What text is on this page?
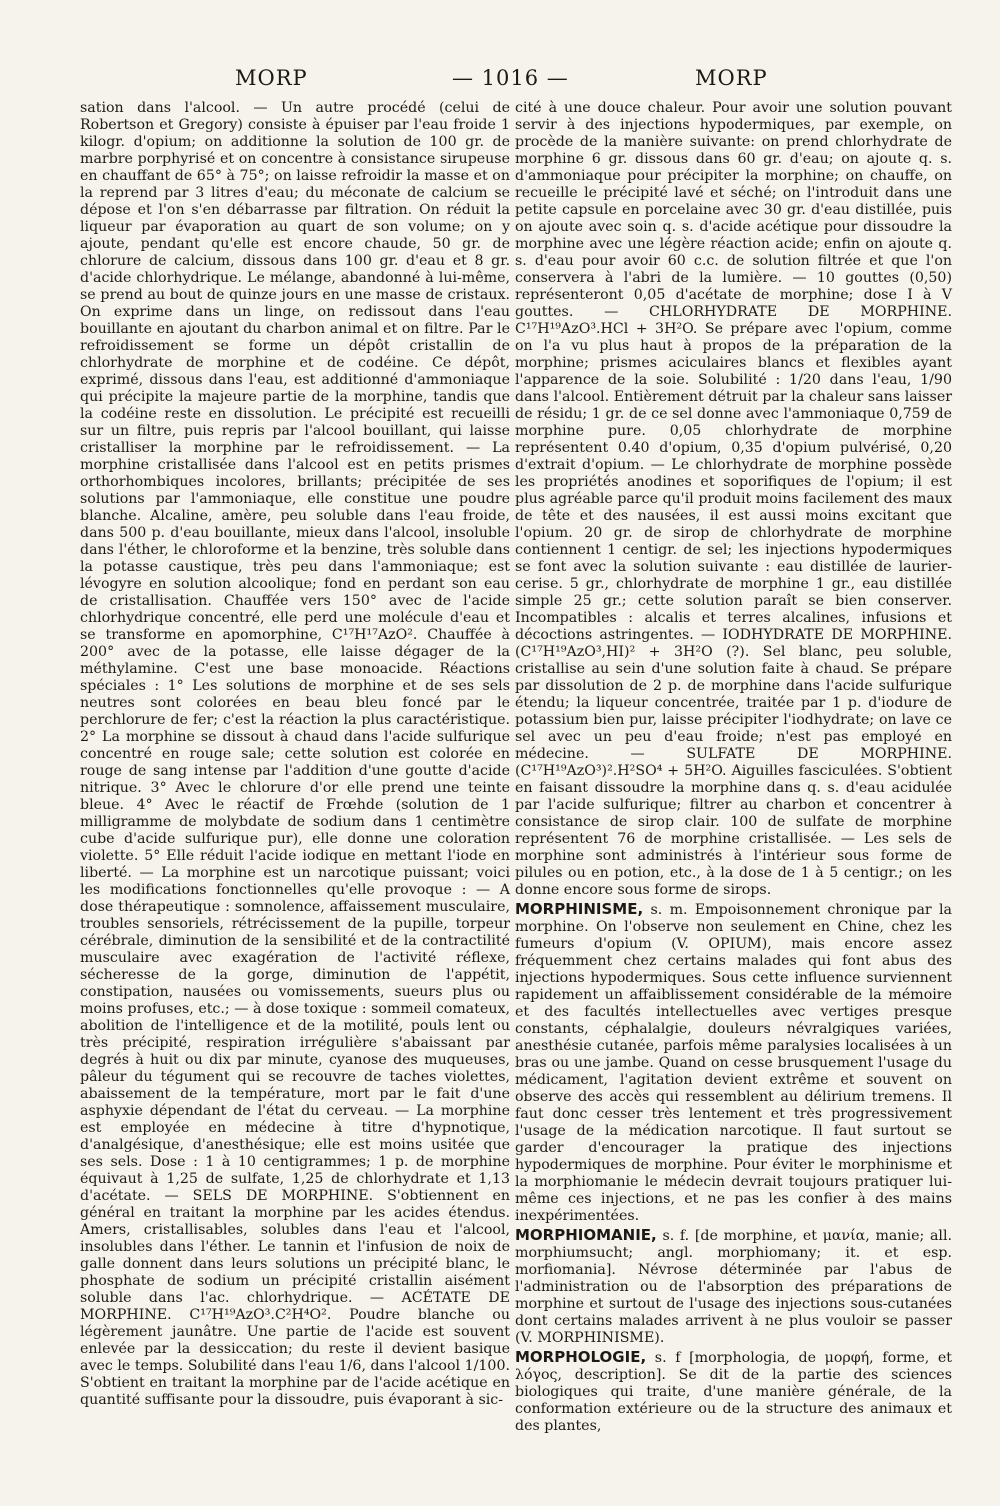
MORP	— 1016 —	MORP

sation dans l'alcool. — Un autre procédé (celui de Robertson et Gregory) consiste à épuiser par l'eau froide 1 kilogr. d'opium; on additionne la solution de 100 gr. de marbre porphyrisé et on concentre à consistance sirupeuse en chauffant de 65° à 75°; on laisse refroidir la masse et on la reprend par 3 litres d'eau; du méconate de calcium se dépose et l'on s'en débarrasse par filtration. On réduit la liqueur par évaporation au quart de son volume; on y ajoute, pendant qu'elle est encore chaude, 50 gr. de chlorure de calcium, dissous dans 100 gr. d'eau et 8 gr. d'acide chlorhydrique. Le mélange, abandonné à lui-même, se prend au bout de quinze jours en une masse de cristaux. On exprime dans un linge, on redissout dans l'eau bouillante en ajoutant du charbon animal et on filtre. Par le refroidissement se forme un dépôt cristallin de chlorhydrate de morphine et de codéine. Ce dépôt, exprimé, dissous dans l'eau, est additionné d'ammoniaque qui précipite la majeure partie de la morphine, tandis que la codéine reste en dissolution. Le précipité est recueilli sur un filtre, puis repris par l'alcool bouillant, qui laisse cristalliser la morphine par le refroidissement. — La morphine cristallisée dans l'alcool est en petits prismes orthorhombiques incolores, brillants; précipitée de ses solutions par l'ammoniaque, elle constitue une poudre blanche. Alcaline, amère, peu soluble dans l'eau froide, dans 500 p. d'eau bouillante, mieux dans l'alcool, insoluble dans l'éther, le chloroforme et la benzine, très soluble dans la potasse caustique, très peu dans l'ammoniaque; est lévogyre en solution alcoolique; fond en perdant son eau de cristallisation. Chauffée vers 150° avec de l'acide chlorhydrique concentré, elle perd une molécule d'eau et se transforme en apomorphine, C¹⁷H¹⁷AzO². Chauffée à 200° avec de la potasse, elle laisse dégager de la méthylamine. C'est une base monoacide. Réactions spéciales : 1° Les solutions de morphine et de ses sels neutres sont colorées en beau bleu foncé par le perchlorure de fer; c'est la réaction la plus caractéristique. 2° La morphine se dissout à chaud dans l'acide sulfurique concentré en rouge sale; cette solution est colorée en rouge de sang intense par l'addition d'une goutte d'acide nitrique. 3° Avec le chlorure d'or elle prend une teinte bleue. 4° Avec le réactif de Frœhde (solution de 1 milligramme de molybdate de sodium dans 1 centimètre cube d'acide sulfurique pur), elle donne une coloration violette. 5° Elle réduit l'acide iodique en mettant l'iode en liberté. — La morphine est un narcotique puissant; voici les modifications fonctionnelles qu'elle provoque : — A dose thérapeutique : somnolence, affaissement musculaire, troubles sensoriels, rétrécissement de la pupille, torpeur cérébrale, diminution de la sensibilité et de la contractilité musculaire avec exagération de l'activité réflexe, sécheresse de la gorge, diminution de l'appétit, constipation, nausées ou vomissements, sueurs plus ou moins profuses, etc.; — à dose toxique : sommeil comateux, abolition de l'intelligence et de la motilité, pouls lent ou très précipité, respiration irrégulière s'abaissant par degrés à huit ou dix par minute, cyanose des muqueuses, pâleur du tégument qui se recouvre de taches violettes, abaissement de la température, mort par le fait d'une asphyxie dépendant de l'état du cerveau. — La morphine est employée en médecine à titre d'hypnotique, d'analgésique, d'anesthésique; elle est moins usitée que ses sels. Dose : 1 à 10 centigrammes; 1 p. de morphine équivaut à 1,25 de sulfate, 1,25 de chlorhydrate et 1,13 d'acétate. — SELS DE MORPHINE. S'obtiennent en général en traitant la morphine par les acides étendus. Amers, cristallisables, solubles dans l'eau et l'alcool, insolubles dans l'éther. Le tannin et l'infusion de noix de galle donnent dans leurs solutions un précipité blanc, le phosphate de sodium un précipité cristallin aisément soluble dans l'ac. chlorhydrique. — ACÉTATE DE MORPHINE. C¹⁷H¹⁹AzO³.C²H⁴O². Poudre blanche ou légèrement jaunâtre. Une partie de l'acide est souvent enlevée par la dessiccation; du reste il devient basique avec le temps. Solubilité dans l'eau 1/6, dans l'alcool 1/100. S'obtient en traitant la morphine par de l'acide acétique en quantité suffisante pour la dissoudre, puis évaporant à sic-

cité à une douce chaleur. Pour avoir une solution pouvant servir à des injections hypodermiques, par exemple, on procède de la manière suivante: on prend chlorhydrate de morphine 6 gr. dissous dans 60 gr. d'eau; on ajoute q. s. d'ammoniaque pour précipiter la morphine; on chauffe, on recueille le précipité lavé et séché; on l'introduit dans une petite capsule en porcelaine avec 30 gr. d'eau distillée, puis on ajoute avec soin q. s. d'acide acétique pour dissoudre la morphine avec une légère réaction acide; enfin on ajoute q. s. d'eau pour avoir 60 c.c. de solution filtrée et que l'on conservera à l'abri de la lumière. — 10 gouttes (0,50) représenteront 0,05 d'acétate de morphine; dose I à V gouttes. — CHLORHYDRATE DE MORPHINE. C¹⁷H¹⁹AzO³.HCl + 3H²O. Se prépare avec l'opium, comme on l'a vu plus haut à propos de la préparation de la morphine; prismes aciculaires blancs et flexibles ayant l'apparence de la soie. Solubilité : 1/20 dans l'eau, 1/90 dans l'alcool. Entièrement détruit par la chaleur sans laisser de résidu; 1 gr. de ce sel donne avec l'ammoniaque 0,759 de morphine pure. 0,05 chlorhydrate de morphine représentent 0.40 d'opium, 0,35 d'opium pulvérisé, 0,20 d'extrait d'opium. — Le chlorhydrate de morphine possède les propriétés anodines et soporifiques de l'opium; il est plus agréable parce qu'il produit moins facilement des maux de tête et des nausées, il est aussi moins excitant que l'opium. 20 gr. de sirop de chlorhydrate de morphine contiennent 1 centigr. de sel; les injections hypodermiques se font avec la solution suivante : eau distillée de laurier-cerise. 5 gr., chlorhydrate de morphine 1 gr., eau distillée simple 25 gr.; cette solution paraît se bien conserver. Incompatibles : alcalis et terres alcalines, infusions et décoctions astringentes. — IODHYDRATE DE MORPHINE. (C¹⁷H¹⁹AzO³,HI)² + 3H²O (?). Sel blanc, peu soluble, cristallise au sein d'une solution faite à chaud. Se prépare par dissolution de 2 p. de morphine dans l'acide sulfurique étendu; la liqueur concentrée, traitée par 1 p. d'iodure de potassium bien pur, laisse précipiter l'iodhydrate; on lave ce sel avec un peu d'eau froide; n'est pas employé en médecine. — SULFATE DE MORPHINE. (C¹⁷H¹⁹AzO³)².H²SO⁴ + 5H²O. Aiguilles fasciculées. S'obtient en faisant dissoudre la morphine dans q. s. d'eau acidulée par l'acide sulfurique; filtrer au charbon et concentrer à consistance de sirop clair. 100 de sulfate de morphine représentent 76 de morphine cristallisée. — Les sels de morphine sont administrés à l'intérieur sous forme de pilules ou en potion, etc., à la dose de 1 à 5 centigr.; on les donne encore sous forme de sirops.

MORPHINISME, s. m. Empoisonnement chronique par la morphine. On l'observe non seulement en Chine, chez les fumeurs d'opium (V. OPIUM), mais encore assez fréquemment chez certains malades qui font abus des injections hypodermiques. Sous cette influence surviennent rapidement un affaiblissement considérable de la mémoire et des facultés intellectuelles avec vertiges presque constants, céphalalgie, douleurs névralgiques variées, anesthésie cutanée, parfois même paralysies localisées à un bras ou une jambe. Quand on cesse brusquement l'usage du médicament, l'agitation devient extrême et souvent on observe des accès qui ressemblent au délirium tremens. Il faut donc cesser très lentement et très progressivement l'usage de la médication narcotique. Il faut surtout se garder d'encourager la pratique des injections hypodermiques de morphine. Pour éviter le morphinisme et la morphiomanie le médecin devrait toujours pratiquer lui-même ces injections, et ne pas les confier à des mains inexpérimentées.

MORPHIOMANIE, s. f. [de morphine, et μανία, manie; all. morphiumsucht; angl. morphiomany; it. et esp. morfiomania]. Névrose déterminée par l'abus de l'administration ou de l'absorption des préparations de morphine et surtout de l'usage des injections sous-cutanées dont certains malades arrivent à ne plus vouloir se passer (V. MORPHINISME).

MORPHOLOGIE, s. f [morphologia, de μορφή, forme, et λόγος, description]. Se dit de la partie des sciences biologiques qui traite, d'une manière générale, de la conformation extérieure ou de la structure des animaux et des plantes,
